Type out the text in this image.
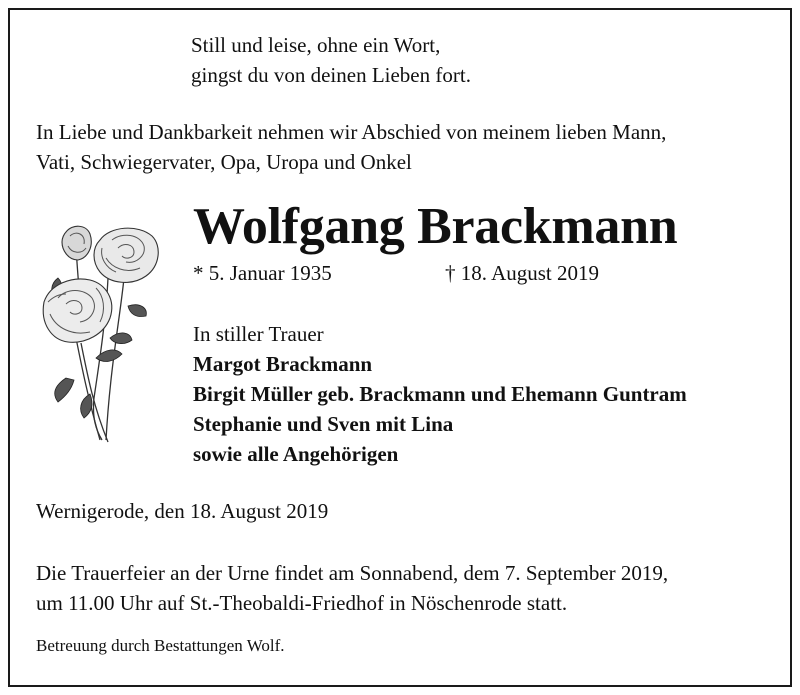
Still und leise, ohne ein Wort,

gingst du von deinen Lieben fort.

In Liebe und Dankbarkeit nehmen wir Abschied von meinem lieben Mann,

Vati, Schwiegervater, Opa, Uropa und Onkel

Wolfgang Brackmann

* 5. Januar 1935	† 18. August 2019

In stiller Trauer

Margot Brackmann

Birgit Müller geb. Brackmann und Ehemann Guntram

Stephanie und Sven mit Lina

sowie alle Angehörigen

Wernigerode, den 18. August 2019

Die Trauerfeier an der Urne findet am Sonnabend, dem 7. September 2019,

um 11.00 Uhr auf St.-Theobaldi-Friedhof in Nöschenrode statt.

Betreuung durch Bestattungen Wolf.
